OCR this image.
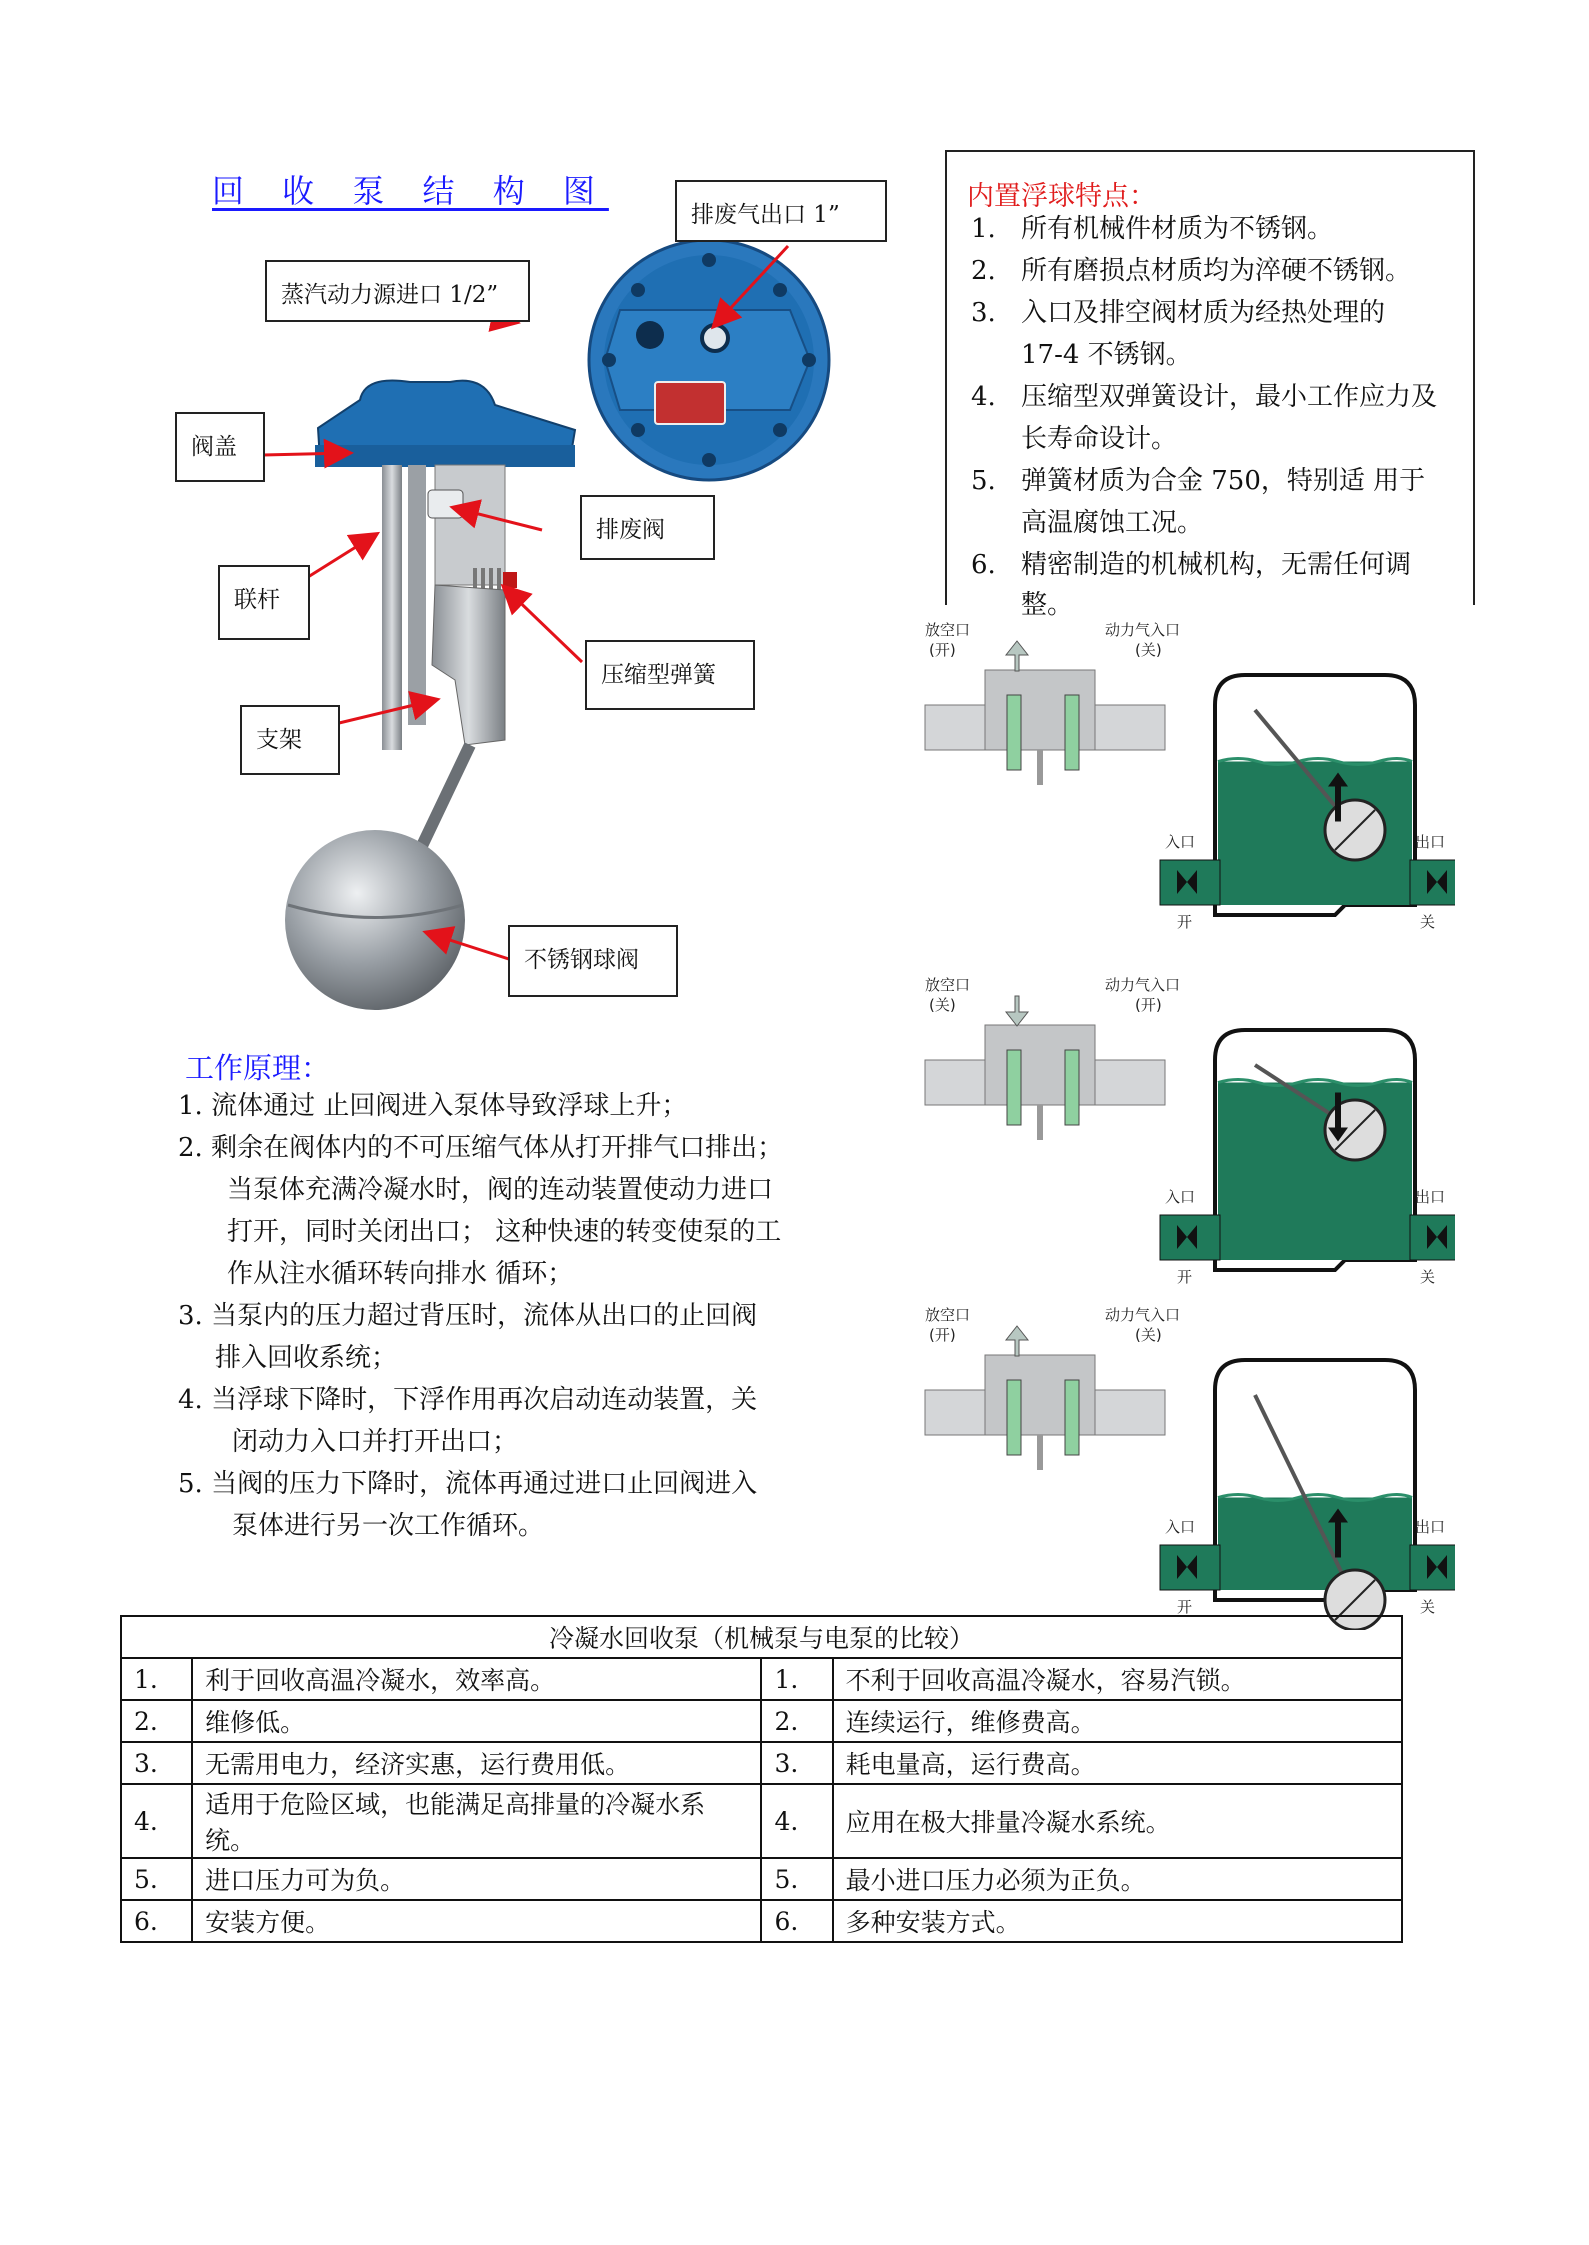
回 收 泵 结 构 图
排废气出口 1”
蒸汽动力源进口 1/2”
阀盖
排废阀
联杆
压缩型弹簧
支架
不锈钢球阀
内置浮球特点：
1. 所有机械件材质为不锈钢。
2. 所有磨损点材质均为淬硬不锈钢。
3. 入口及排空阀材质为经热处理的
17-4 不锈钢。
4. 压缩型双弹簧设计，最小工作应力及
长寿命设计。
5. 弹簧材质为合金 750，特别适 用于
高温腐蚀工况。
6. 精密制造的机械机构，无需任何调
整。
放空口
(开)
动力气入口
(关)
入口	出口
开	关
放空口
(关)
动力气入口
(开)
入口	出口
开	关
放空口
(开)
动力气入口
(关)
入口	出口
开	关
工作原理：
1. 流体通过 止回阀进入泵体导致浮球上升；
2. 剩余在阀体内的不可压缩气体从打开排气口排出；
当泵体充满冷凝水时，阀的连动装置使动力进口
打开，同时关闭出口； 这种快速的转变使泵的工
作从注水循环转向排水 循环；
3. 当泵内的压力超过背压时，流体从出口的止回阀
排入回收系统；
4. 当浮球下降时，下浮作用再次启动连动装置，关
闭动力入口并打开出口；
5. 当阀的压力下降时，流体再通过进口止回阀进入
泵体进行另一次工作循环。
冷凝水回收泵（机械泵与电泵的比较）			
1.	利于回收高温冷凝水，效率高。	1.	不利于回收高温冷凝水，容易汽锁。
2.	维修低。	2.	连续运行，维修费高。
3.	无需用电力，经济实惠，运行费用低。	3.	耗电量高，运行费高。
4.	适用于危险区域，也能满足高排量的冷凝水系统。	4.	应用在极大排量冷凝水系统。
5.	进口压力可为负。	5.	最小进口压力必须为正负。
6.	安装方便。	6.	多种安装方式。
